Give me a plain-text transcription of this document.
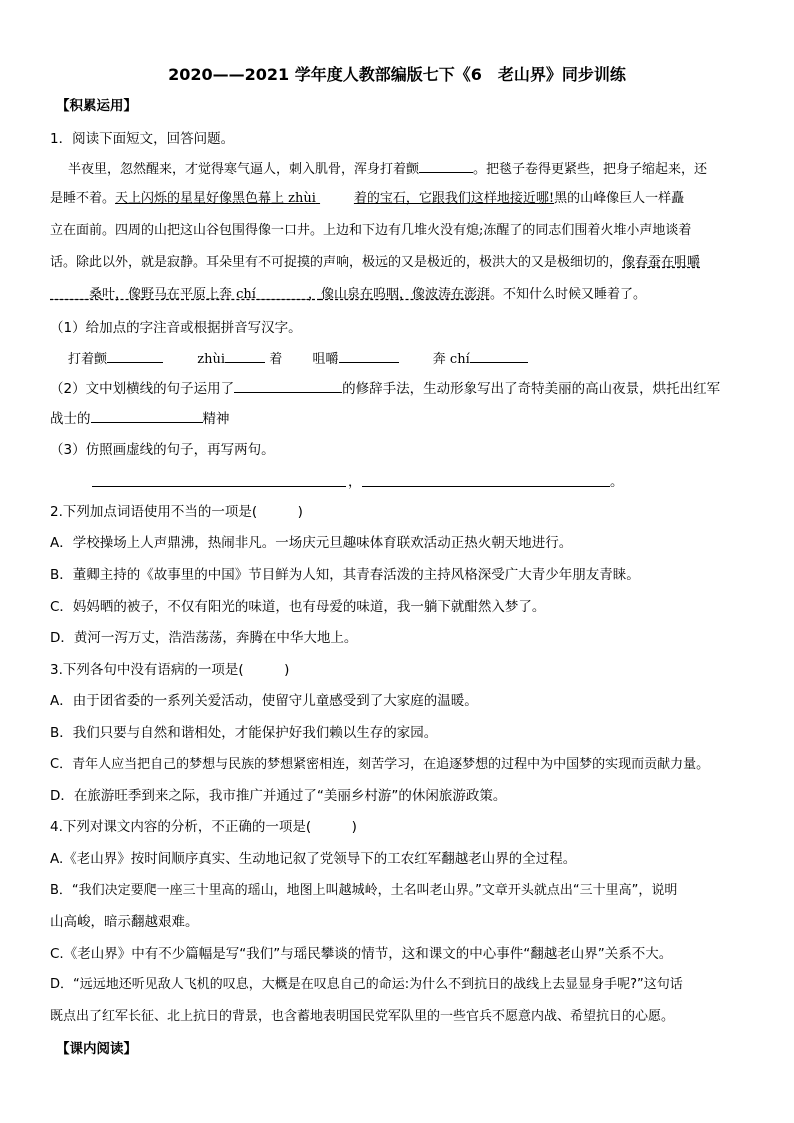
2020——2021 学年度人教部编版七下《6　老山界》同步训练
【积累运用】
1．阅读下面短文，回答问题。
半夜里，忽然醒来，才觉得寒气逼人，刺入肌骨，浑身打着颤	。把毯子卷得更紧些，把身子缩起来，还
是睡不着。天上闪烁的星星好像黑色幕上 zhùi	着的宝石，它跟我们这样地接近哪!黑的山峰像巨人一样矗
立在面前。四周的山把这山谷包围得像一口井。上边和下边有几堆火没有熄;冻醒了的同志们围着火堆小声地谈着
话。除此以外，就是寂静。耳朵里有不可捉摸的声响，极远的又是极近的，极洪大的又是极细切的，像春蚕在咀嚼
＿＿＿桑叶，像野马在平原上奔 chí＿＿＿＿，像山泉在呜咽，像波涛在澎湃。不知什么时候又睡着了。
（1）给加点的字注音或根据拼音写汉字。
打着颤	zhùi	着 咀嚼	奔 chí
（2）文中划横线的句子运用了	的修辞手法，生动形象写出了奇特美丽的高山夜景，烘托出红军
战士的	精神
（3）仿照画虚线的句子，再写两句。
，	。
2.下列加点词语使用不当的一项是(　　　)
A．学校操场上人声鼎沸，热闹非凡。一场庆元旦趣味体育联欢活动正热火朝天地进行。
B．董卿主持的《故事里的中国》节目鲜为人知，其青春活泼的主持风格深受广大青少年朋友青睐。
C．妈妈晒的被子，不仅有阳光的味道，也有母爱的味道，我一躺下就酣然入梦了。
D．黄河一泻万丈，浩浩荡荡，奔腾在中华大地上。
3.下列各句中没有语病的一项是(　　　)
A．由于团省委的一系列关爱活动，使留守儿童感受到了大家庭的温暖。
B．我们只要与自然和谐相处，才能保护好我们赖以生存的家园。
C．青年人应当把自己的梦想与民族的梦想紧密相连，刻苦学习，在追逐梦想的过程中为中国梦的实现而贡献力量。
D．在旅游旺季到来之际，我市推广并通过了“美丽乡村游”的休闲旅游政策。
4.下列对课文内容的分析，不正确的一项是(　　　)
A.《老山界》按时间顺序真实、生动地记叙了党领导下的工农红军翻越老山界的全过程。
B．“我们决定要爬一座三十里高的瑶山，地图上叫越城岭，土名叫老山界。”文章开头就点出“三十里高”，说明
山高峻，暗示翻越艰难。
C.《老山界》中有不少篇幅是写“我们”与瑶民攀谈的情节，这和课文的中心事件“翻越老山界”关系不大。
D．“远远地还听见敌人飞机的叹息，大概是在叹息自己的命运:为什么不到抗日的战线上去显显身手呢?”这句话
既点出了红军长征、北上抗日的背景，也含蓄地表明国民党军队里的一些官兵不愿意内战、希望抗日的心愿。
【课内阅读】
